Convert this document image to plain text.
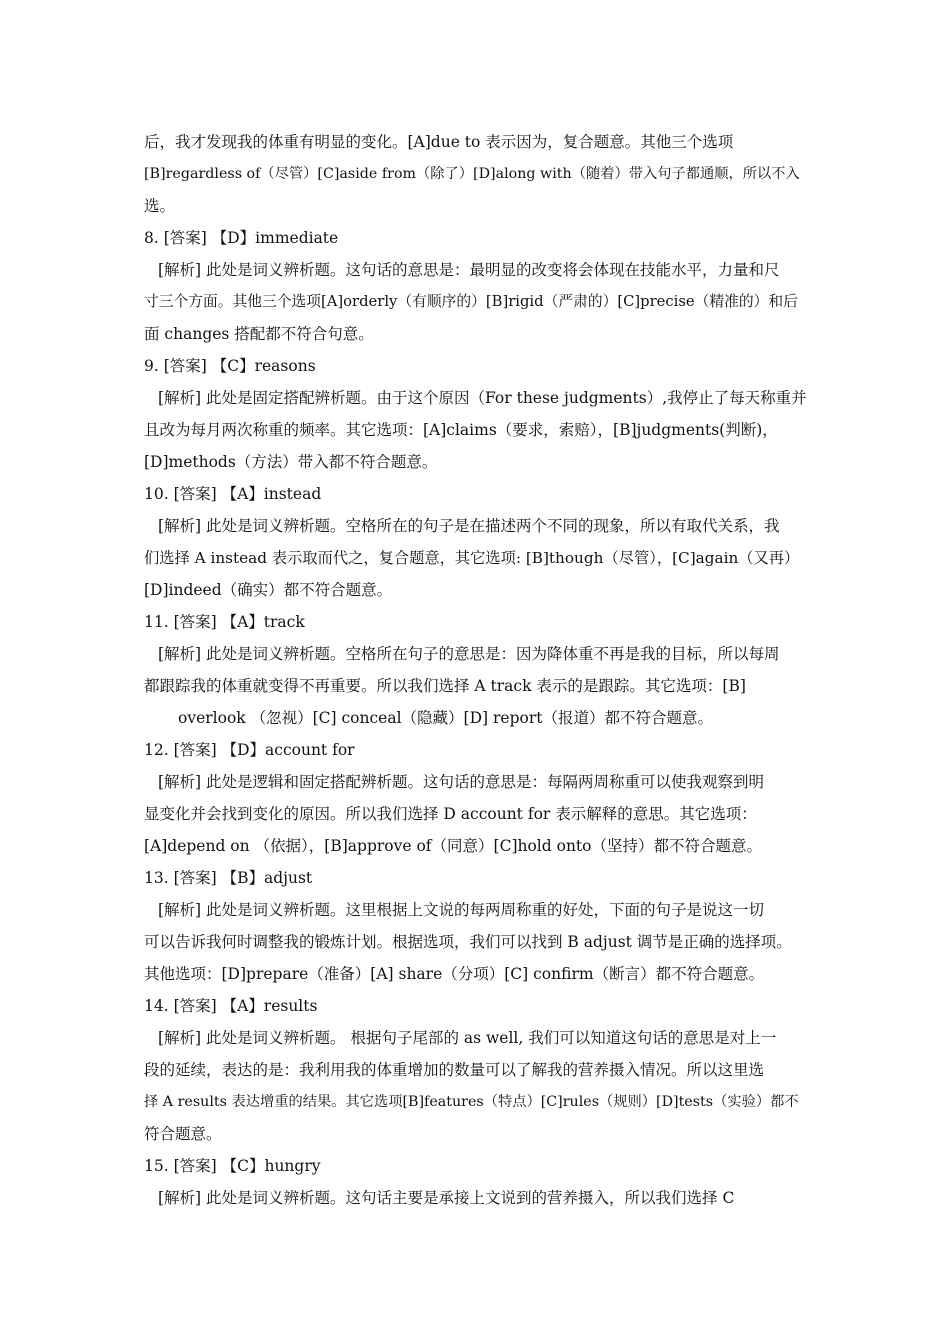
后，我才发现我的体重有明显的变化。[A]due to 表示因为，复合题意。其他三个选项
[B]regardless of（尽管）[C]aside from（除了）[D]along with（随着）带入句子都通顺，所以不入
选。
8. [答案] 【D】immediate
[解析] 此处是词义辨析题。这句话的意思是：最明显的改变将会体现在技能水平，力量和尺
寸三个方面。其他三个选项[A]orderly（有顺序的）[B]rigid（严肃的）[C]precise（精准的）和后
面 changes 搭配都不符合句意。
9. [答案] 【C】reasons
[解析] 此处是固定搭配辨析题。由于这个原因（For these judgments）,我停止了每天称重并
且改为每月两次称重的频率。其它选项：[A]claims（要求，索赔），[B]judgments(判断)，
[D]methods（方法）带入都不符合题意。
10. [答案] 【A】instead
[解析] 此处是词义辨析题。空格所在的句子是在描述两个不同的现象，所以有取代关系，我
们选择 A instead 表示取而代之，复合题意，其它选项: [B]though（尽管），[C]again（又再）
[D]indeed（确实）都不符合题意。
11. [答案] 【A】track
[解析] 此处是词义辨析题。空格所在句子的意思是：因为降体重不再是我的目标，所以每周
都跟踪我的体重就变得不再重要。所以我们选择 A track 表示的是跟踪。其它选项：[B]
overlook （忽视）[C] conceal（隐藏）[D] report（报道）都不符合题意。
12. [答案] 【D】account for
[解析] 此处是逻辑和固定搭配辨析题。这句话的意思是：每隔两周称重可以使我观察到明
显变化并会找到变化的原因。所以我们选择 D account for 表示解释的意思。其它选项：
[A]depend on （依据），[B]approve of（同意）[C]hold onto（坚持）都不符合题意。
13. [答案] 【B】adjust
[解析] 此处是词义辨析题。这里根据上文说的每两周称重的好处，下面的句子是说这一切
可以告诉我何时调整我的锻炼计划。根据选项，我们可以找到 B adjust 调节是正确的选择项。
其他选项：[D]prepare（准备）[A] share（分项）[C] confirm（断言）都不符合题意。
14. [答案] 【A】results
[解析] 此处是词义辨析题。 根据句子尾部的 as well, 我们可以知道这句话的意思是对上一
段的延续，表达的是：我利用我的体重增加的数量可以了解我的营养摄入情况。所以这里选
择 A results 表达增重的结果。其它选项[B]features（特点）[C]rules（规则）[D]tests（实验）都不
符合题意。
15. [答案] 【C】hungry
[解析] 此处是词义辨析题。这句话主要是承接上文说到的营养摄入，所以我们选择 C
